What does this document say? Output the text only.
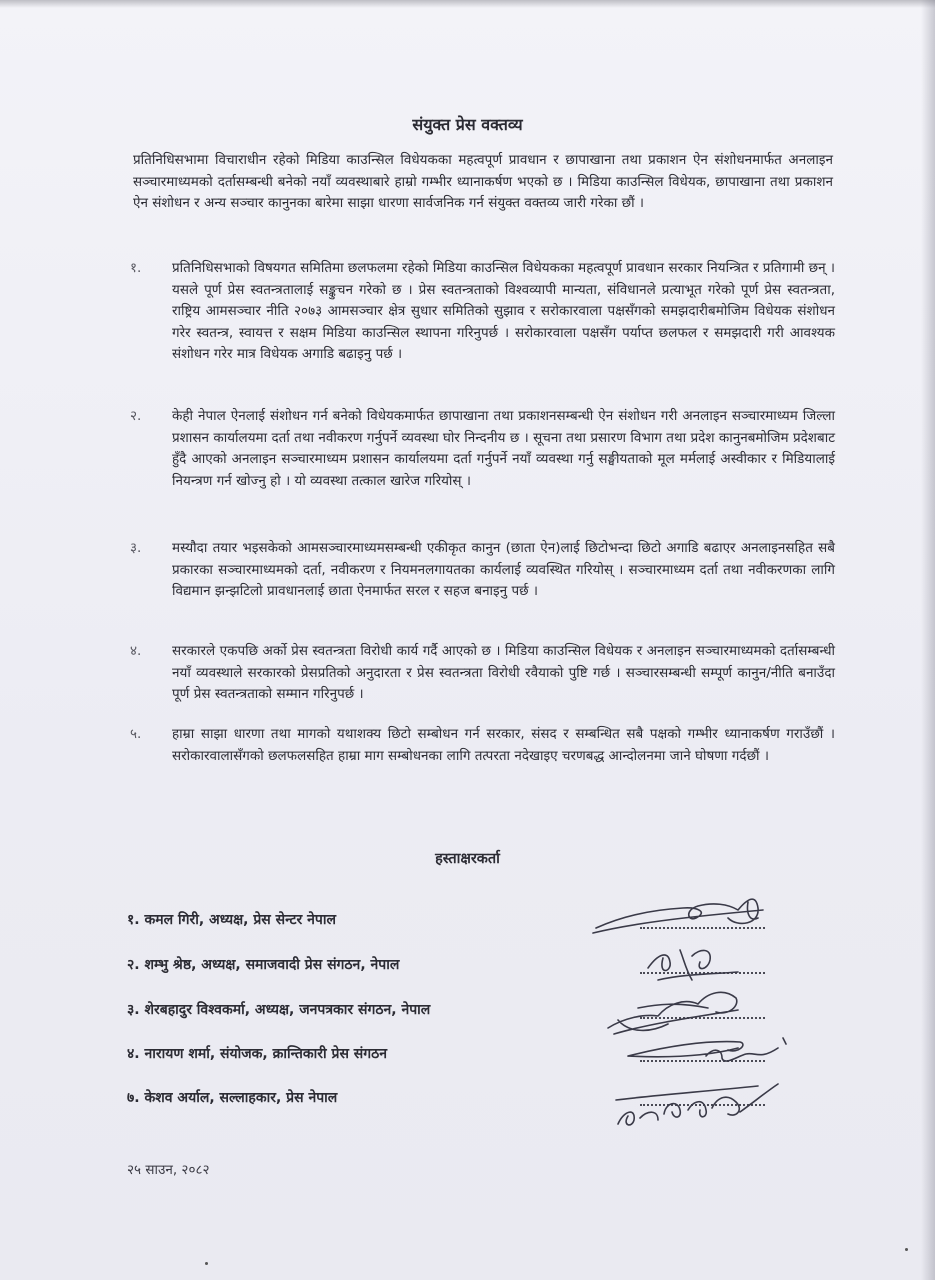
संयुक्त प्रेस वक्तव्य

प्रतिनिधिसभामा विचाराधीन रहेको मिडिया काउन्सिल विधेयकका महत्वपूर्ण प्रावधान र छापाखाना तथा प्रकाशन ऐन संशोधनमार्फत अनलाइन सञ्चारमाध्यमको दर्तासम्बन्धी बनेको नयाँ व्यवस्थाबारे हाम्रो गम्भीर ध्यानाकर्षण भएको छ । मिडिया काउन्सिल विधेयक, छापाखाना तथा प्रकाशन ऐन संशोधन र अन्य सञ्चार कानुनका बारेमा साझा धारणा सार्वजनिक गर्न संयुक्त वक्तव्य जारी गरेका छौं ।

१.	प्रतिनिधिसभाको विषयगत समितिमा छलफलमा रहेको मिडिया काउन्सिल विधेयकका महत्वपूर्ण प्रावधान सरकार नियन्त्रित र प्रतिगामी छन् । यसले पूर्ण प्रेस स्वतन्त्रतालाई सङ्कुचन गरेको छ । प्रेस स्वतन्त्रताको विश्वव्यापी मान्यता, संविधानले प्रत्याभूत गरेको पूर्ण प्रेस स्वतन्त्रता, राष्ट्रिय आमसञ्चार नीति २०७३ आमसञ्चार क्षेत्र सुधार समितिको सुझाव र सरोकारवाला पक्षसँगको समझदारीबमोजिम विधेयक संशोधन गरेर स्वतन्त्र, स्वायत्त र सक्षम मिडिया काउन्सिल स्थापना गरिनुपर्छ । सरोकारवाला पक्षसँग पर्याप्त छलफल र समझदारी गरी आवश्यक संशोधन गरेर मात्र विधेयक अगाडि बढाइनु पर्छ ।

२.	केही नेपाल ऐनलाई संशोधन गर्न बनेको विधेयकमार्फत छापाखाना तथा प्रकाशनसम्बन्धी ऐन संशोधन गरी अनलाइन सञ्चारमाध्यम जिल्ला प्रशासन कार्यालयमा दर्ता तथा नवीकरण गर्नुपर्ने व्यवस्था घोर निन्दनीय छ । सूचना तथा प्रसारण विभाग तथा प्रदेश कानुनबमोजिम प्रदेशबाट हुँदै आएको अनलाइन सञ्चारमाध्यम प्रशासन कार्यालयमा दर्ता गर्नुपर्ने नयाँ व्यवस्था गर्नु सङ्घीयताको मूल मर्मलाई अस्वीकार र मिडियालाई नियन्त्रण गर्न खोज्नु हो । यो व्यवस्था तत्काल खारेज गरियोस् ।

३.	मस्यौदा तयार भइसकेको आमसञ्चारमाध्यमसम्बन्धी एकीकृत कानुन (छाता ऐन)लाई छिटोभन्दा छिटो अगाडि बढाएर अनलाइनसहित सबै प्रकारका सञ्चारमाध्यमको दर्ता, नवीकरण र नियमनलगायतका कार्यलाई व्यवस्थित गरियोस् । सञ्चारमाध्यम दर्ता तथा नवीकरणका लागि विद्यमान झन्झटिलो प्रावधानलाई छाता ऐनमार्फत सरल र सहज बनाइनु पर्छ ।

४.	सरकारले एकपछि अर्को प्रेस स्वतन्त्रता विरोधी कार्य गर्दै आएको छ । मिडिया काउन्सिल विधेयक र अनलाइन सञ्चारमाध्यमको दर्तासम्बन्धी नयाँ व्यवस्थाले सरकारको प्रेसप्रतिको अनुदारता र प्रेस स्वतन्त्रता विरोधी रवैयाको पुष्टि गर्छ । सञ्चारसम्बन्धी सम्पूर्ण कानुन/नीति बनाउँदा पूर्ण प्रेस स्वतन्त्रताको सम्मान गरिनुपर्छ ।

५.	हाम्रा साझा धारणा तथा मागको यथाशक्य छिटो सम्बोधन गर्न सरकार, संसद र सम्बन्धित सबै पक्षको गम्भीर ध्यानाकर्षण गराउँछौं । सरोकारवालासँगको छलफलसहित हाम्रा माग सम्बोधनका लागि तत्परता नदेखाइए चरणबद्ध आन्दोलनमा जाने घोषणा गर्दछौं ।

हस्ताक्षरकर्ता
१. कमल गिरी, अध्यक्ष, प्रेस सेन्टर नेपाल
२. शम्भु श्रेष्ठ, अध्यक्ष, समाजवादी प्रेस संगठन, नेपाल
३. शेरबहादुर विश्वकर्मा, अध्यक्ष, जनपत्रकार संगठन, नेपाल
४. नारायण शर्मा, संयोजक, क्रान्तिकारी प्रेस संगठन
७. केशव अर्याल, सल्लाहकार, प्रेस नेपाल
केशव प्रसाद अर्याल
२५ साउन, २०८२
